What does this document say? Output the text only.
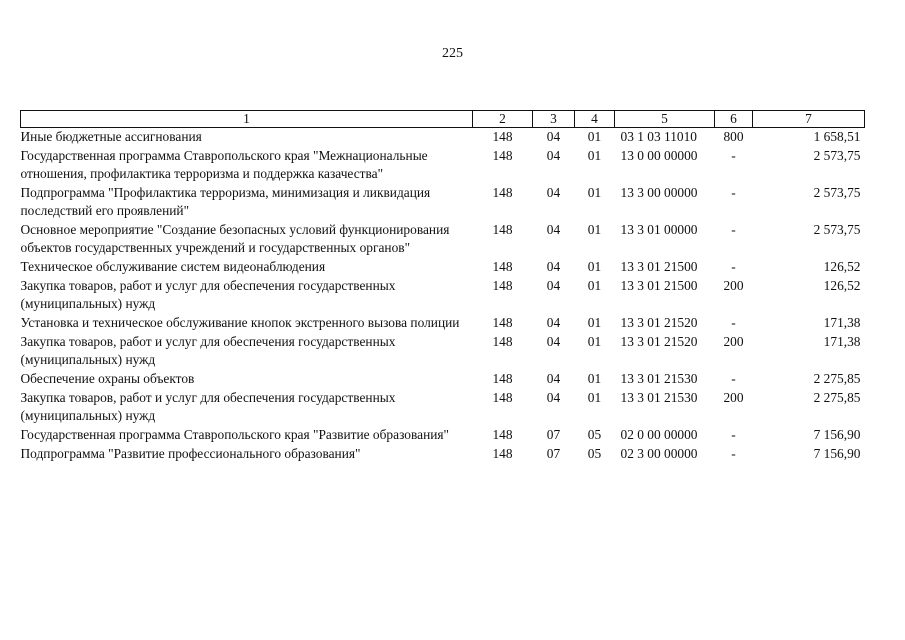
225
1	2	3	4	5	6	7
Иные бюджетные ассигнования	148	04	01	03 1 03 11010	800	1 658,51
Государственная программа Ставропольского края "Межнациональные отношения, профилактика терроризма и поддержка казачества"	148	04	01	13 0 00 00000	-	2 573,75
Подпрограмма "Профилактика терроризма, минимизация и ликвидация последствий его проявлений"	148	04	01	13 3 00 00000	-	2 573,75
Основное мероприятие "Создание безопасных условий функционирования объектов государственных учреждений и государственных органов"	148	04	01	13 3 01 00000	-	2 573,75
Техническое обслуживание систем видеонаблюдения	148	04	01	13 3 01 21500	-	126,52
Закупка товаров, работ и услуг для обеспечения государственных (муниципальных) нужд	148	04	01	13 3 01 21500	200	126,52
Установка и техническое обслуживание кнопок экстренного вызова полиции	148	04	01	13 3 01 21520	-	171,38
Закупка товаров, работ и услуг для обеспечения государственных (муниципальных) нужд	148	04	01	13 3 01 21520	200	171,38
Обеспечение охраны объектов	148	04	01	13 3 01 21530	-	2 275,85
Закупка товаров, работ и услуг для обеспечения государственных (муниципальных) нужд	148	04	01	13 3 01 21530	200	2 275,85
Государственная программа Ставропольского края "Развитие образования"	148	07	05	02 0 00 00000	-	7 156,90
Подпрограмма "Развитие профессионального образования"	148	07	05	02 3 00 00000	-	7 156,90
